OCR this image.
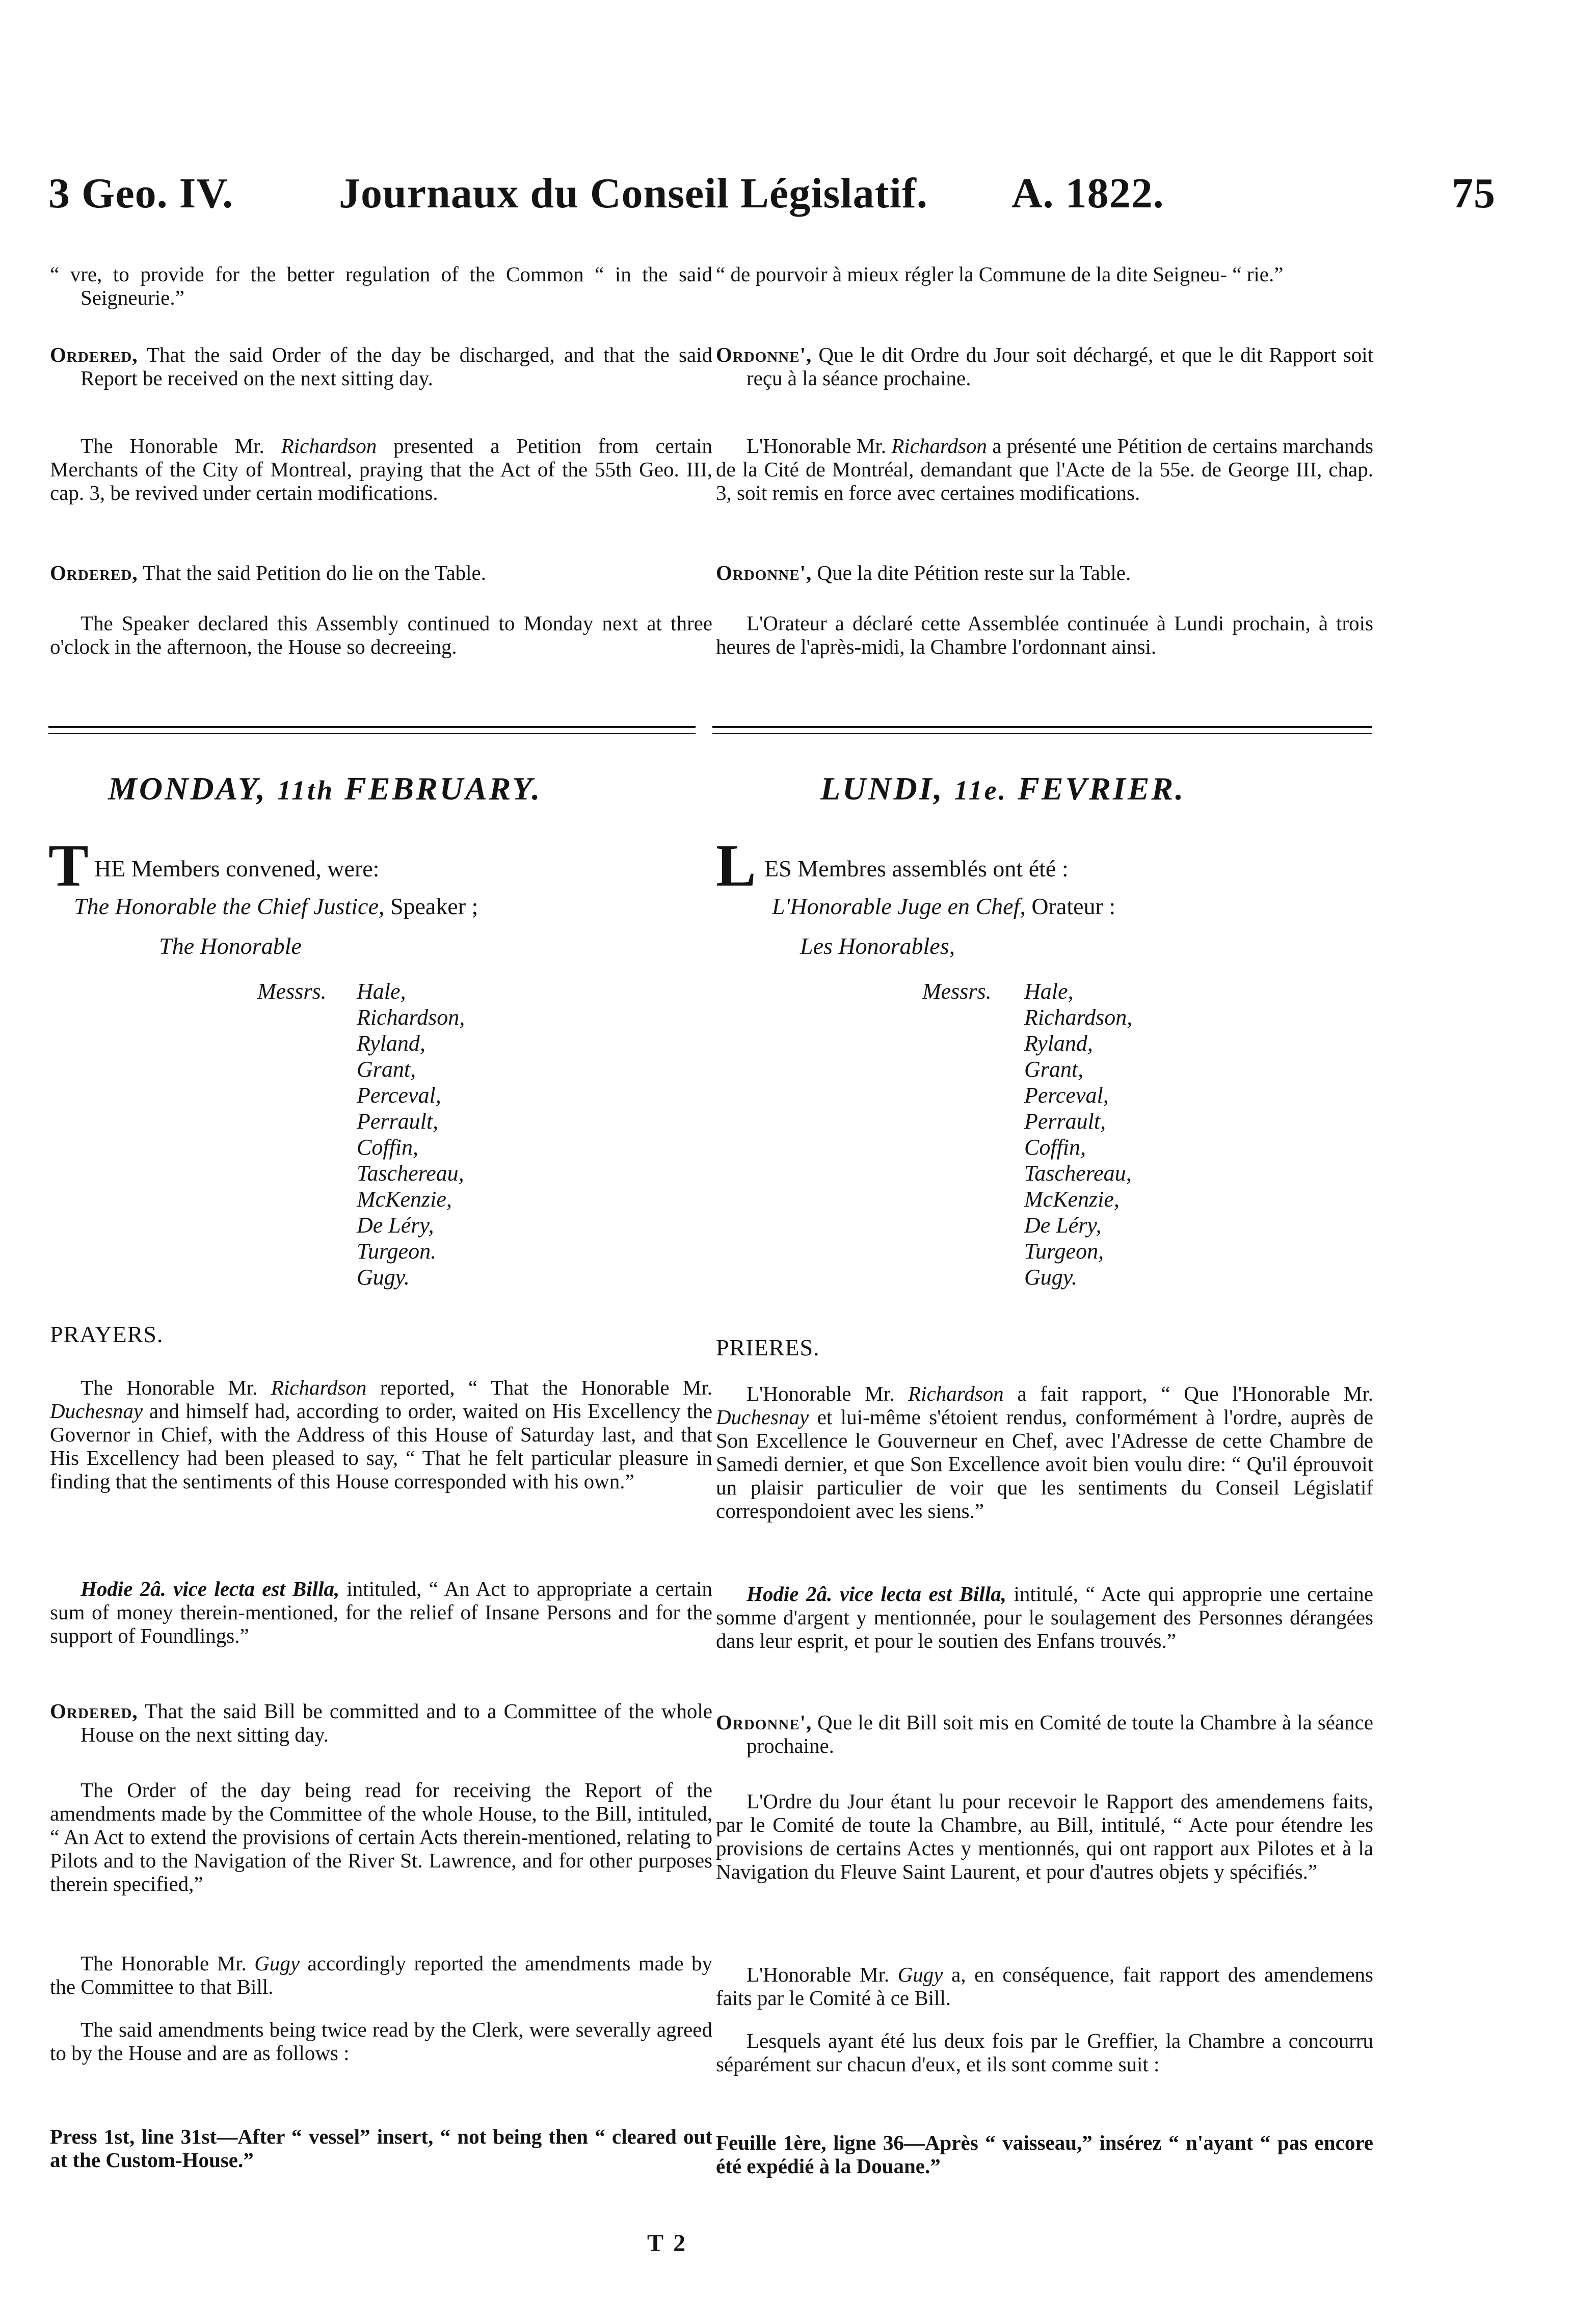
3 Geo. IV. Journaux du Conseil Législatif. A. 1822.	75

“ vre, to provide for the better regulation of the Common “ in the said Seigneurie.”

Ordered, That the said Order of the day be discharged, and that the said Report be received on the next sitting day.

The Honorable Mr. Richardson presented a Petition from certain Merchants of the City of Montreal, praying that the Act of the 55th Geo. III, cap. 3, be revived under certain modifications.

Ordered, That the said Petition do lie on the Table.

The Speaker declared this Assembly continued to Monday next at three o'clock in the afternoon, the House so decreeing.

MONDAY, 11th FEBRUARY.
T HE Members convened, were:
The Honorable the Chief Justice, Speaker ;
The Honorable
Messrs. Hale,
Richardson,
Ryland,
Grant,
Perceval,
Perrault,
Coffin,
Taschereau,
McKenzie,
De Léry,
Turgeon.
Gugy.
PRAYERS.

The Honorable Mr. Richardson reported, “ That the Honorable Mr. Duchesnay and himself had, according to order, waited on His Excellency the Governor in Chief, with the Address of this House of Saturday last, and that His Excellency had been pleased to say, “ That he felt particular pleasure in finding that the sentiments of this House corresponded with his own.”

Hodie 2â. vice lecta est Billa, intituled, “ An Act to appropriate a certain sum of money therein-mentioned, for the relief of Insane Persons and for the support of Foundlings.”

Ordered, That the said Bill be committed and to a Committee of the whole House on the next sitting day.

The Order of the day being read for receiving the Report of the amendments made by the Committee of the whole House, to the Bill, intituled, “ An Act to extend the provisions of certain Acts therein-mentioned, relating to Pilots and to the Navigation of the River St. Lawrence, and for other purposes therein specified,”

The Honorable Mr. Gugy accordingly reported the amendments made by the Committee to that Bill.

The said amendments being twice read by the Clerk, were severally agreed to by the House and are as follows :

Press 1st, line 31st—After “ vessel” insert, “ not being then “ cleared out at the Custom-House.”

“ de pourvoir à mieux régler la Commune de la dite Seigneu- “ rie.”

Ordonne', Que le dit Ordre du Jour soit déchargé, et que le dit Rapport soit reçu à la séance prochaine.

L'Honorable Mr. Richardson a présenté une Pétition de certains marchands de la Cité de Montréal, demandant que l'Acte de la 55e. de George III, chap. 3, soit remis en force avec certaines modifications.

Ordonne', Que la dite Pétition reste sur la Table.

L'Orateur a déclaré cette Assemblée continuée à Lundi prochain, à trois heures de l'après-midi, la Chambre l'ordonnant ainsi.

LUNDI, 11e. FEVRIER.
L ES Membres assemblés ont été :
L'Honorable Juge en Chef, Orateur :
Les Honorables,
Messrs. Hale,
Richardson,
Ryland,
Grant,
Perceval,
Perrault,
Coffin,
Taschereau,
McKenzie,
De Léry,
Turgeon,
Gugy.
PRIERES.

L'Honorable Mr. Richardson a fait rapport, “ Que l'Honorable Mr. Duchesnay et lui-même s'étoient rendus, conformément à l'ordre, auprès de Son Excellence le Gouverneur en Chef, avec l'Adresse de cette Chambre de Samedi dernier, et que Son Excellence avoit bien voulu dire: “ Qu'il éprouvoit un plaisir particulier de voir que les sentiments du Conseil Législatif correspondoient avec les siens.”

Hodie 2â. vice lecta est Billa, intitulé, “ Acte qui approprie une certaine somme d'argent y mentionnée, pour le soulagement des Personnes dérangées dans leur esprit, et pour le soutien des Enfans trouvés.”

Ordonne', Que le dit Bill soit mis en Comité de toute la Chambre à la séance prochaine.

L'Ordre du Jour étant lu pour recevoir le Rapport des amendemens faits, par le Comité de toute la Chambre, au Bill, intitulé, “ Acte pour étendre les provisions de certains Actes y mentionnés, qui ont rapport aux Pilotes et à la Navigation du Fleuve Saint Laurent, et pour d'autres objets y spécifiés.”

L'Honorable Mr. Gugy a, en conséquence, fait rapport des amendemens faits par le Comité à ce Bill.

Lesquels ayant été lus deux fois par le Greffier, la Chambre a concourru séparément sur chacun d'eux, et ils sont comme suit :

Feuille 1ère, ligne 36—Après “ vaisseau,” insérez “ n'ayant “ pas encore été expédié à la Douane.”

T 2
